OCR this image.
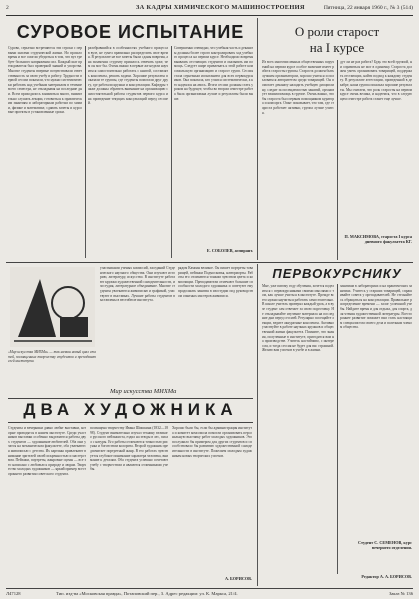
2	ЗА КАДРЫ ХИМИЧЕСКОГО МАШИНОСТРОЕНИЯ	Пятница, 22 января 1960 г., № 3 (514)
СУРОВОЕ ИСПЫТАНИЕ
Сурово, серьезно встречаются эти строки с первыми шагами студенческой жизни. Но прошло время и все смогли убедиться в том, что вуз требует большого напряжения сил. Каждый шаг преподавателя был проверкой знаний и упорства. Многие студенты впервые почувствовали ответственность за свою учебу и работу. Трудности первой сессии показали, что нужно систематически работать над учебным материалом в течение всего семестра, не откладывая на последние дни. Всем приходилось заниматься много, внимательно слушать лекции, готовиться к практическим занятиям и лабораторным работам по химии, физике и математике, сдавать зачеты и курсовые проекты в установленные сроки.
разобравшийся в особенностях учебного процесса в вузе, не сумел правильно распределить свое время. В результате не все зачеты были сданы вовремя, а на экзаменах студенту пришлось отвечать хуже, чем он мог бы. Очень важно в первые же недели научиться самостоятельно работать с книгой, составлять конспекты, решать задачи. Хорошие результаты показали те группы, где студенты помогали друг другу, где работали кружки и консультации. Кафедры также должны обратить внимание на организацию самостоятельной работы студентов первого курса и на проведение текущих консультаций перед сессией.
Совершенно очевидно, что учебная часть и деканаты должны более строго контролировать ход учебного процесса на первом курсе. Необходимо вовремя выявлять отстающих студентов и оказывать им помощь. Следует шире привлекать к этой работе комсомольскую организацию и старост групп. Сессия стала серьезным испытанием для всех первокурсников. Она показала, кто учился систематически, а кто надеялся на авось. Итоги сессии должны стать уроком на будущее, чтобы во втором семестре работа была организована лучше и результаты были выше.
Е. СОБОЛЕВ, аспирант.
О роли старост
на I курсе
Из всех многочисленных общественных поручений на первом курсе особое значение имеет работа старосты группы. Староста должен быть лучшим организатором, хорошо учиться и пользоваться авторитетом среди товарищей. Он помогает деканату наладить учебную дисциплину, следит за посещаемостью занятий, организует взаимопомощь в группе. Очень важно, чтобы староста был первым помощником куратора и комсорга. Опыт показывает, что там, где староста работает активно, группа лучше учится.
дут ли не раз работа? Будь это всей группой, ни справиться не мог в одиночку. Староста должен уметь организовать товарищей, поддержать отстающих, найти подход к каждому студенту. В результате аттестации, проведенной в декабре, наша группа показала хорошие результаты. Мы считаем, что роль старосты на первом курсе очень велика, и надеемся, что в следующем семестре работа станет еще лучше.
П. МАКСИМОВА, староста I курса дневного факультета КГ.
«Мир искусства МИХМа» — так назван новый цикл статей, посвященных творчеству студентов и преподавателей института.
участниками ученых комиссий, заседаний Студенческого научного общества. Они изучают историю, литературу, искусство. В институте работают кружки художественной самодеятельности, изостудия, литературное объединение. Многие студенты увлекаются живописью и графикой, участвуют в выставках. Лучшие работы студентов выставлены в вестибюле института.
рядом Кампан великое. Он пишет портреты товарищей, пейзажи Подмосковья, натюрморты. Работы его отличаются тонким чувством цвета и композиции. Преподаватели отмечают большие способности молодого художника и советуют ему продолжать занятия в изостудии под руководством опытных мастеров живописи.
ПЕРВОКУРСНИКУ
Мне, уже пятому году обучения, хочется поделиться с первокурсниками своими мыслями о том, как лучше учиться в институте. Прежде всего нужно научиться работать самостоятельно. В школе учитель проверял каждый урок, а в вузе студент сам отвечает за свою подготовку. Не откладывайте изучение материала на последние дни перед сессией. Регулярно посещайте лекции, ведите аккуратные конспекты. Активно участвуйте в работе научных кружков и общественной жизни факультета. Помните, что знания, полученные в институте, пригодятся вам на производстве. Учитесь настойчиво, с интересом, и тогда сессия не будет для вас страшной. Желаю вам успехов в учебе и в жизни.
занятиям в лабораториях и на практических занятиях. Учитесь у старших товарищей, спрашивайте совета у преподавателей. Не стесняйтесь обращаться на консультации. Правильное распределение времени — залог успешной учебы. Найдите время и для отдыха, для спорта, для чтения художественной литературы. Всестороннее развитие поможет вам стать настоящим специалистом своего дела и полезным членом общества.
Студент С. СЕМЕНОВ, курс вечернего отделения.
Редактор А. А. БОРИСОВ.
Мир искусства МИХМа
ДВА ХУДОЖНИКА
Студенты и вечерники давно любят выставки, которые проводятся в нашем институте. Среди участников выставки особенно выделяются работы двух студентов — художников-любителей. Оба они учатся на механическом факультете, оба увлекаются живописью с детства. Их картины привлекают внимание зрителей своей искренностью и мастерством. Пейзажи, портреты, жанровые сцены — все это написано с любовью к природе и людям. Творчество молодых художников — яркий пример всестороннего развития советского студента.
посвящена творчеству Ивана Шишкина (1832—1898). Студент внимательно изучал технику великого русского пейзажиста, ездил на этюды в лес, писал с натуры. Его работы отличаются точностью рисунка и богатством колорита. Второй художник предпочитает портретный жанр. В его работах чувствуется глубокое понимание характера человека, внимание к деталям. Оба студента успешно сочетают учебу с творчеством и являются отличниками учебы.
Хорошо было бы, если бы администрация института и комитет комсомола помогли организовать персональную выставку работ молодых художников. Это послужило бы примером для других студентов и способствовало бы развитию художественной самодеятельности в институте. Пожелаем молодым художникам новых творческих успехов.
А. БОРИСОВ.
Л47128	Тип. изд-ва «Московская правда», Потаповский пер., 3. Адрес редакции: ул. К. Маркса, 21/4.	Заказ № 136
